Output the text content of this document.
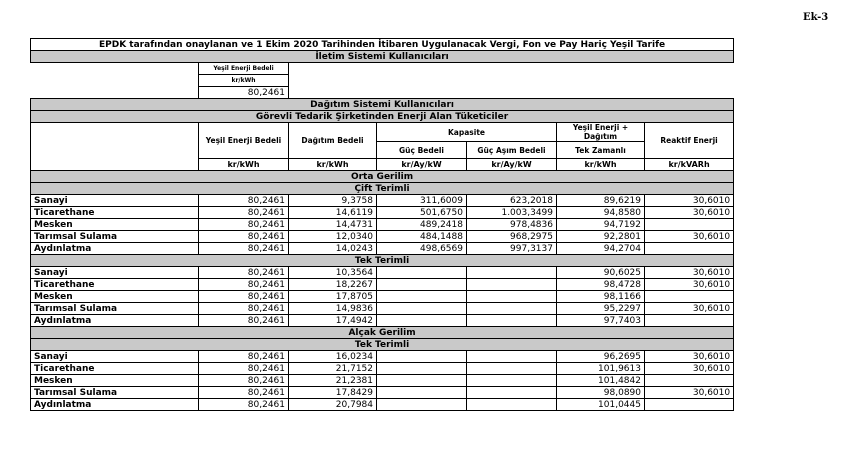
Ek-3
EPDK tarafından onaylanan ve 1 Ekim 2020 Tarihinden İtibaren Uygulanacak Vergi, Fon ve Pay Hariç Yeşil Tarife						
İletim Sistemi Kullanıcıları						
	Yeşil Enerji Bedeli					
	kr/kWh					
	80,2461					
Dağıtım Sistemi Kullanıcıları						
Görevli Tedarik Şirketinden Enerji Alan Tüketiciler						
	Yeşil Enerji Bedeli	Dağıtım Bedeli	Kapasite		Yeşil Enerji + Dağıtım	Reaktif Enerji
			Güç Bedeli	Güç Aşım Bedeli	Tek Zamanlı	
	kr/kWh	kr/kWh	kr/Ay/kW	kr/Ay/kW	kr/kWh	kr/kVARh
Orta Gerilim						
Çift Terimli						
Sanayi	80,2461	9,3758	311,6009	623,2018	89,6219	30,6010
Ticarethane	80,2461	14,6119	501,6750	1.003,3499	94,8580	30,6010
Mesken	80,2461	14,4731	489,2418	978,4836	94,7192	
Tarımsal Sulama	80,2461	12,0340	484,1488	968,2975	92,2801	30,6010
Aydınlatma	80,2461	14,0243	498,6569	997,3137	94,2704	
Tek Terimli						
Sanayi	80,2461	10,3564			90,6025	30,6010
Ticarethane	80,2461	18,2267			98,4728	30,6010
Mesken	80,2461	17,8705			98,1166	
Tarımsal Sulama	80,2461	14,9836			95,2297	30,6010
Aydınlatma	80,2461	17,4942			97,7403	
Alçak Gerilim						
Tek Terimli						
Sanayi	80,2461	16,0234			96,2695	30,6010
Ticarethane	80,2461	21,7152			101,9613	30,6010
Mesken	80,2461	21,2381			101,4842	
Tarımsal Sulama	80,2461	17,8429			98,0890	30,6010
Aydınlatma	80,2461	20,7984			101,0445	
